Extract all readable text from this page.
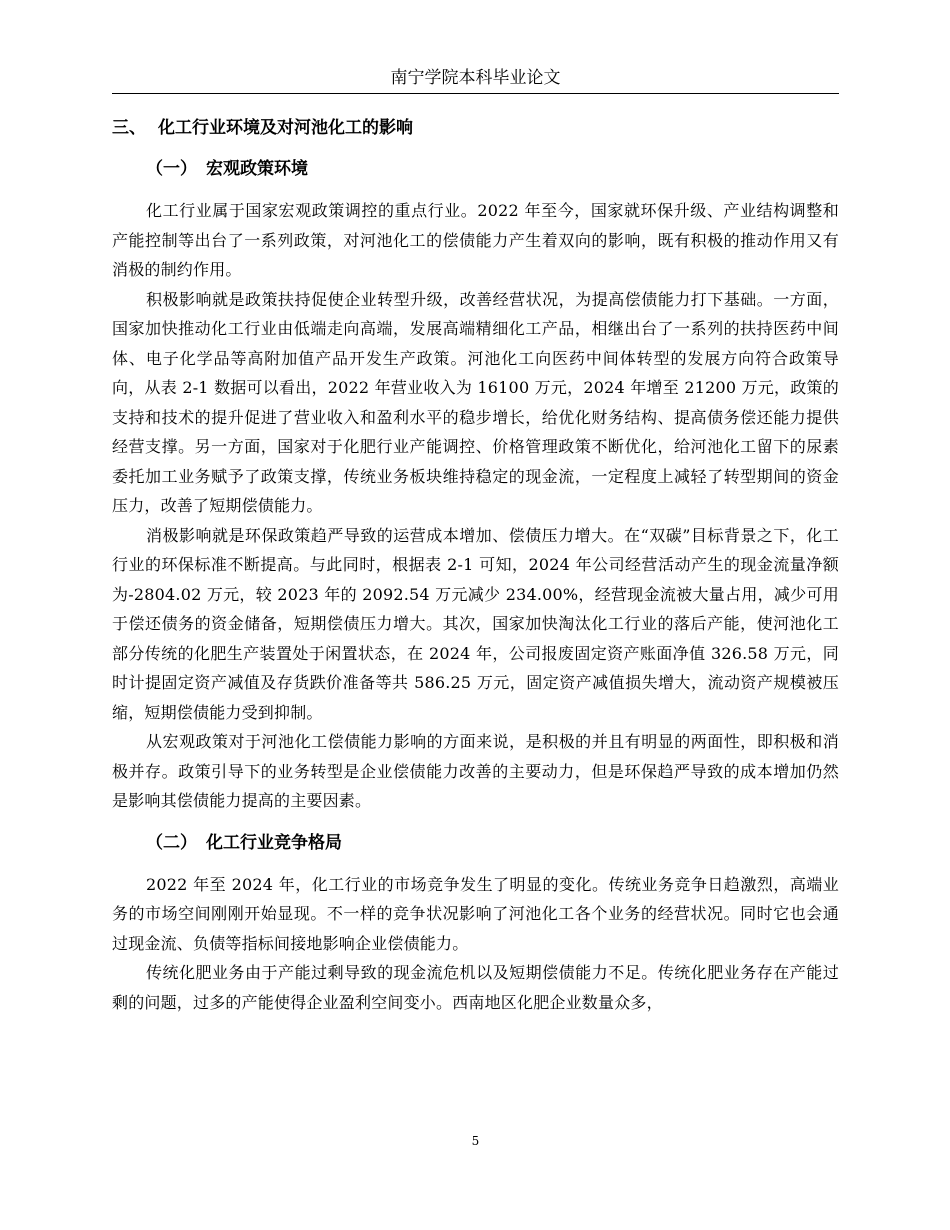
南宁学院本科毕业论文
三、 化工行业环境及对河池化工的影响
（一） 宏观政策环境

化工行业属于国家宏观政策调控的重点行业。2022 年至今，国家就环保升级、产业结构调整和产能控制等出台了一系列政策，对河池化工的偿债能力产生着双向的影响，既有积极的推动作用又有消极的制约作用。

积极影响就是政策扶持促使企业转型升级，改善经营状况，为提高偿债能力打下基础。一方面，国家加快推动化工行业由低端走向高端，发展高端精细化工产品，相继出台了一系列的扶持医药中间体、电子化学品等高附加值产品开发生产政策。河池化工向医药中间体转型的发展方向符合政策导向，从表 2-1 数据可以看出，2022 年营业收入为 16100 万元，2024 年增至 21200 万元，政策的支持和技术的提升促进了营业收入和盈利水平的稳步增长，给优化财务结构、提高债务偿还能力提供经营支撑。另一方面，国家对于化肥行业产能调控、价格管理政策不断优化，给河池化工留下的尿素委托加工业务赋予了政策支撑，传统业务板块维持稳定的现金流，一定程度上减轻了转型期间的资金压力，改善了短期偿债能力。

消极影响就是环保政策趋严导致的运营成本增加、偿债压力增大。在“双碳”目标背景之下，化工行业的环保标准不断提高。与此同时，根据表 2-1 可知，2024 年公司经营活动产生的现金流量净额为-2804.02 万元，较 2023 年的 2092.54 万元减少 234.00%，经营现金流被大量占用，减少可用于偿还债务的资金储备，短期偿债压力增大。其次，国家加快淘汰化工行业的落后产能，使河池化工部分传统的化肥生产装置处于闲置状态，在 2024 年，公司报废固定资产账面净值 326.58 万元，同时计提固定资产减值及存货跌价准备等共 586.25 万元，固定资产减值损失增大，流动资产规模被压缩，短期偿债能力受到抑制。

从宏观政策对于河池化工偿债能力影响的方面来说，是积极的并且有明显的两面性，即积极和消极并存。政策引导下的业务转型是企业偿债能力改善的主要动力，但是环保趋严导致的成本增加仍然是影响其偿债能力提高的主要因素。

（二） 化工行业竞争格局

2022 年至 2024 年，化工行业的市场竞争发生了明显的变化。传统业务竞争日趋激烈，高端业务的市场空间刚刚开始显现。不一样的竞争状况影响了河池化工各个业务的经营状况。同时它也会通过现金流、负债等指标间接地影响企业偿债能力。

传统化肥业务由于产能过剩导致的现金流危机以及短期偿债能力不足。传统化肥业务存在产能过剩的问题，过多的产能使得企业盈利空间变小。西南地区化肥企业数量众多，

5
